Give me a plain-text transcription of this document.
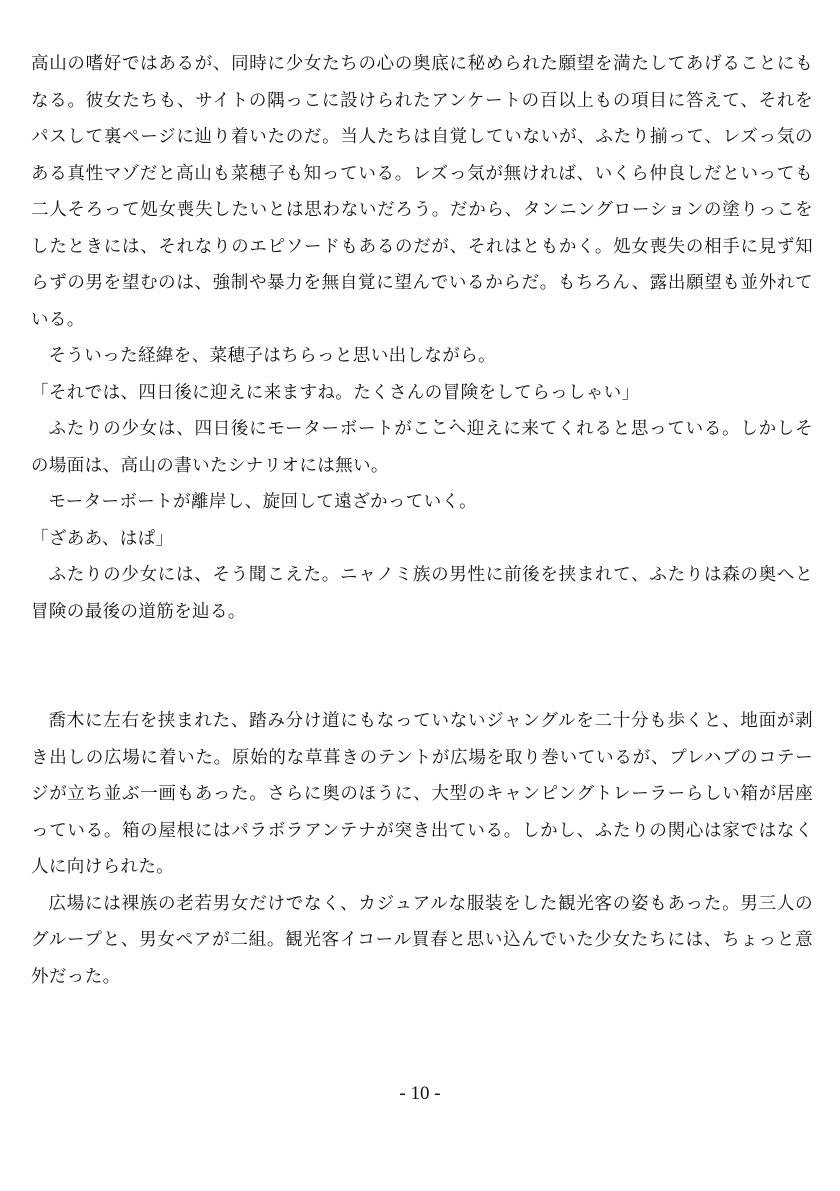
高山の嗜好ではあるが、同時に少女たちの心の奥底に秘められた願望を満たしてあげることにもなる。彼女たちも、サイトの隅っこに設けられたアンケートの百以上もの項目に答えて、それをパスして裏ページに辿り着いたのだ。当人たちは自覚していないが、ふたり揃って、レズっ気のある真性マゾだと高山も菜穂子も知っている。レズっ気が無ければ、いくら仲良しだといっても二人そろって処女喪失したいとは思わないだろう。だから、タンニングローションの塗りっこをしたときには、それなりのエピソードもあるのだが、それはともかく。処女喪失の相手に見ず知らずの男を望むのは、強制や暴力を無自覚に望んでいるからだ。もちろん、露出願望も並外れている。

そういった経緯を、菜穂子はちらっと思い出しながら。

「それでは、四日後に迎えに来ますね。たくさんの冒険をしてらっしゃい」

ふたりの少女は、四日後にモーターボートが・ こ・ こへ迎えに来てくれると思っている。しかしその場面は、高山の書いたシナリオには無い。

モーターボートが離岸し、旋回して遠ざかっていく。

「ざああ、はぱ」

ふたりの少女には、そう聞こえた。ニャノミ族の男性に前後を挟まれて、ふたりは森の奥へと冒険の最後の道筋を辿る。

喬木に左右を挟まれた、踏み分け道にもなっていないジャングルを二十分も歩くと、地面が剥き出しの広場に着いた。原始的な草葺きのテントが広場を取り巻いているが、プレハブのコテージが立ち並ぶ一画もあった。さらに奥のほうに、大型のキャンピングトレーラーらしい箱が居座っている。箱の屋根にはパラボラアンテナが突き出ている。しかし、ふたりの関心は家ではなく人に向けられた。

広場には裸族の老若男女だけでなく、カジュアルな服装をした観光客の姿もあった。男三人のグループと、男女ペアが二組。観光客イコール買春と思い込んでいた少女たちには、ちょっと意外だった。

- 10 -
